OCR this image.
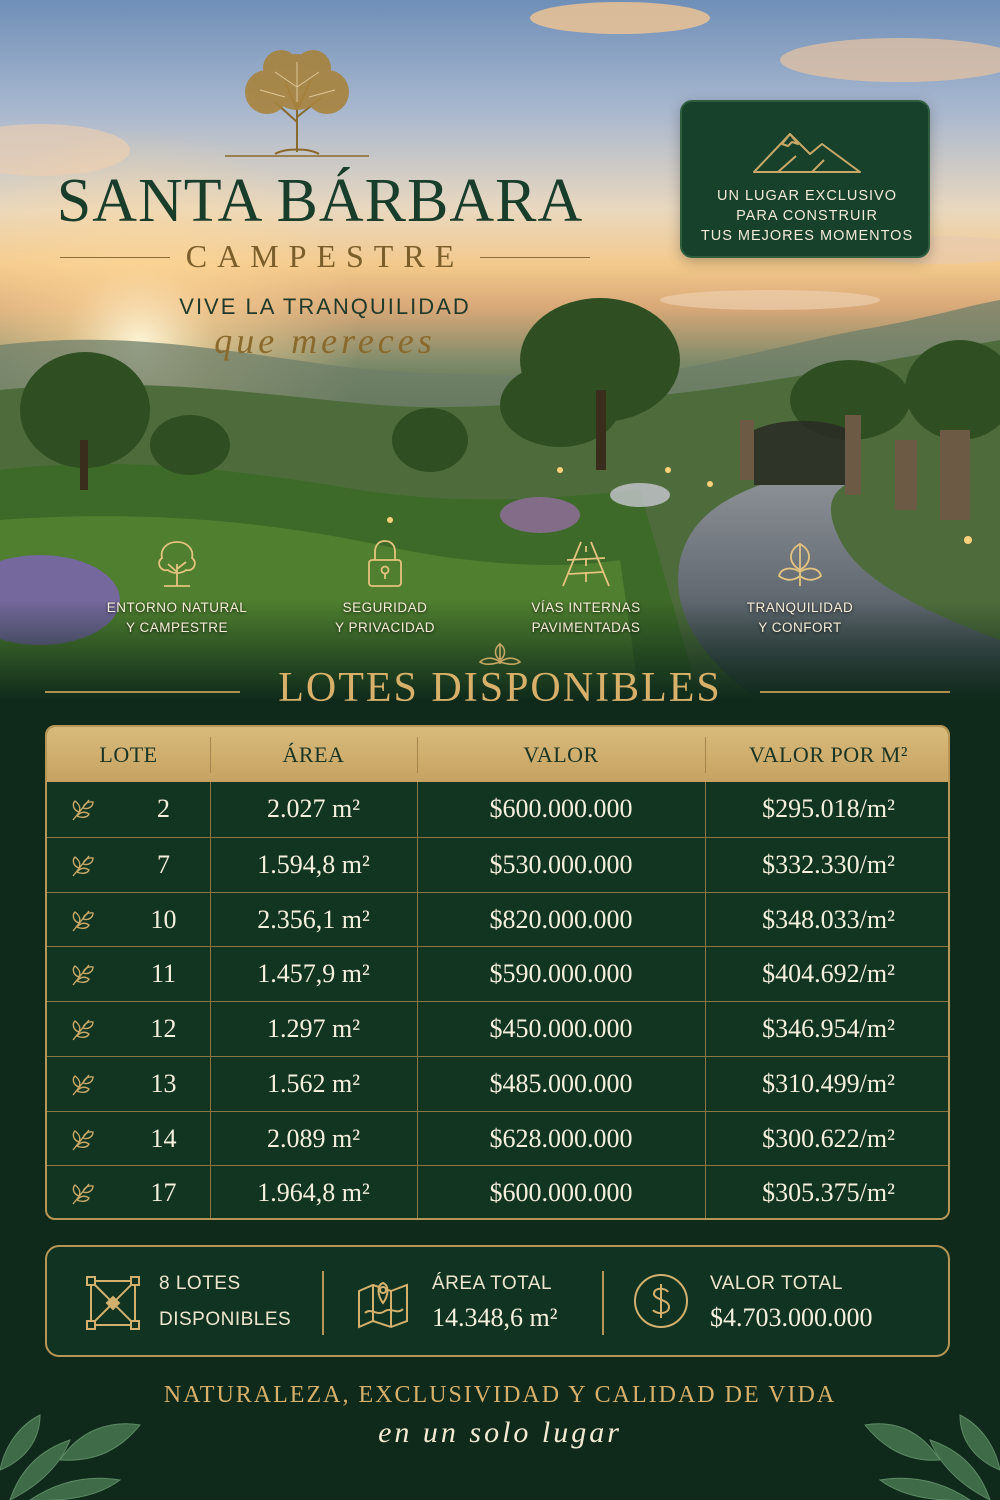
SANTA BÁRBARA
CAMPESTRE
VIVE LA TRANQUILIDAD
que mereces
UN LUGAR EXCLUSIVO
PARA CONSTRUIR
TUS MEJORES MOMENTOS
ENTORNO NATURAL
Y CAMPESTRE
SEGURIDAD
Y PRIVACIDAD
VÍAS INTERNAS
PAVIMENTADAS
TRANQUILIDAD
Y CONFORT
LOTES DISPONIBLES
LOTE	ÁREA	VALOR	VALOR POR M²
2	2.027 m²	$600.000.000	$295.018/m²
7	1.594,8 m²	$530.000.000	$332.330/m²
10	2.356,1 m²	$820.000.000	$348.033/m²
11	1.457,9 m²	$590.000.000	$404.692/m²
12	1.297 m²	$450.000.000	$346.954/m²
13	1.562 m²	$485.000.000	$310.499/m²
14	2.089 m²	$628.000.000	$300.622/m²
17	1.964,8 m²	$600.000.000	$305.375/m²
8 LOTES
DISPONIBLES
ÁREA TOTAL
14.348,6 m²
VALOR TOTAL
$4.703.000.000
NATURALEZA, EXCLUSIVIDAD Y CALIDAD DE VIDA
en un solo lugar
